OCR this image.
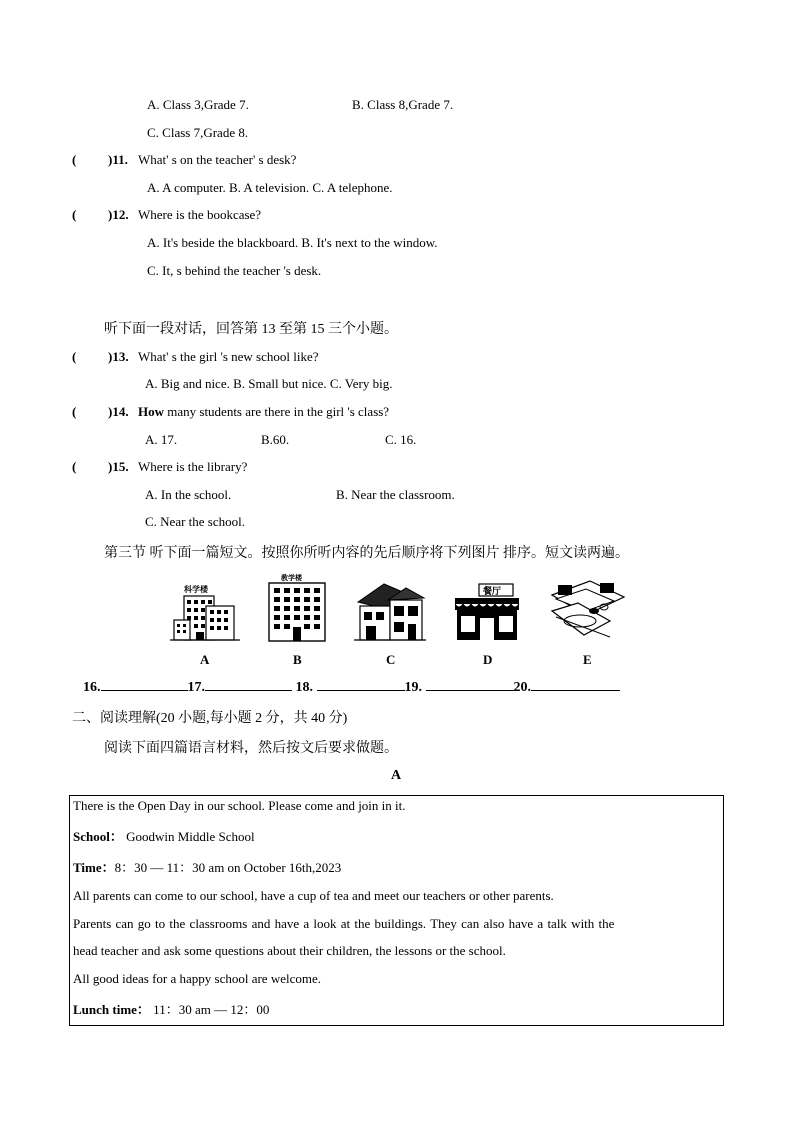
A. Class 3,Grade 7.	B. Class 8,Grade 7.
C. Class 7,Grade 8.
( )11. What' s on the teacher' s desk?
A. A computer. B. A television. C. A telephone.
( )12. Where is the bookcase?
A. It's beside the blackboard. B. It's next to the window.
C. It, s behind the teacher 's desk.
听下面一段对话，回答第 13 至第 15 三个小题。
( )13. What' s the girl 's new school like?
A. Big and nice. B. Small but nice. C. Very big.
( )14. How many students are there in the girl 's class?
A. 17.	B.60.	C. 16.
( )15. Where is the library?
A. In the school.	B. Near the classroom.
C. Near the school.
第三节 听下面一篇短文。按照你所听内容的先后顺序将下列图片 排序。短文读两遍。
科学楼
教学楼
餐厅
A	B	C	D	E
16.	17.	18.	19.	20.
二、阅读理解(20 小题,每小题 2 分，共 40 分)
阅读下面四篇语言材料，然后按文后要求做题。
A
There is the Open Day in our school. Please come and join in it.
School： Goodwin Middle School
Time：8：30 — 11：30 am on October 16th,2023
All parents can come to our school, have a cup of tea and meet our teachers or other parents.
Parents can go to the classrooms and have a look at the buildings. They can also have a talk with the
head teacher and ask some questions about their children, the lessons or the school.
All good ideas for a happy school are welcome.
Lunch time： 11：30 am — 12：00
